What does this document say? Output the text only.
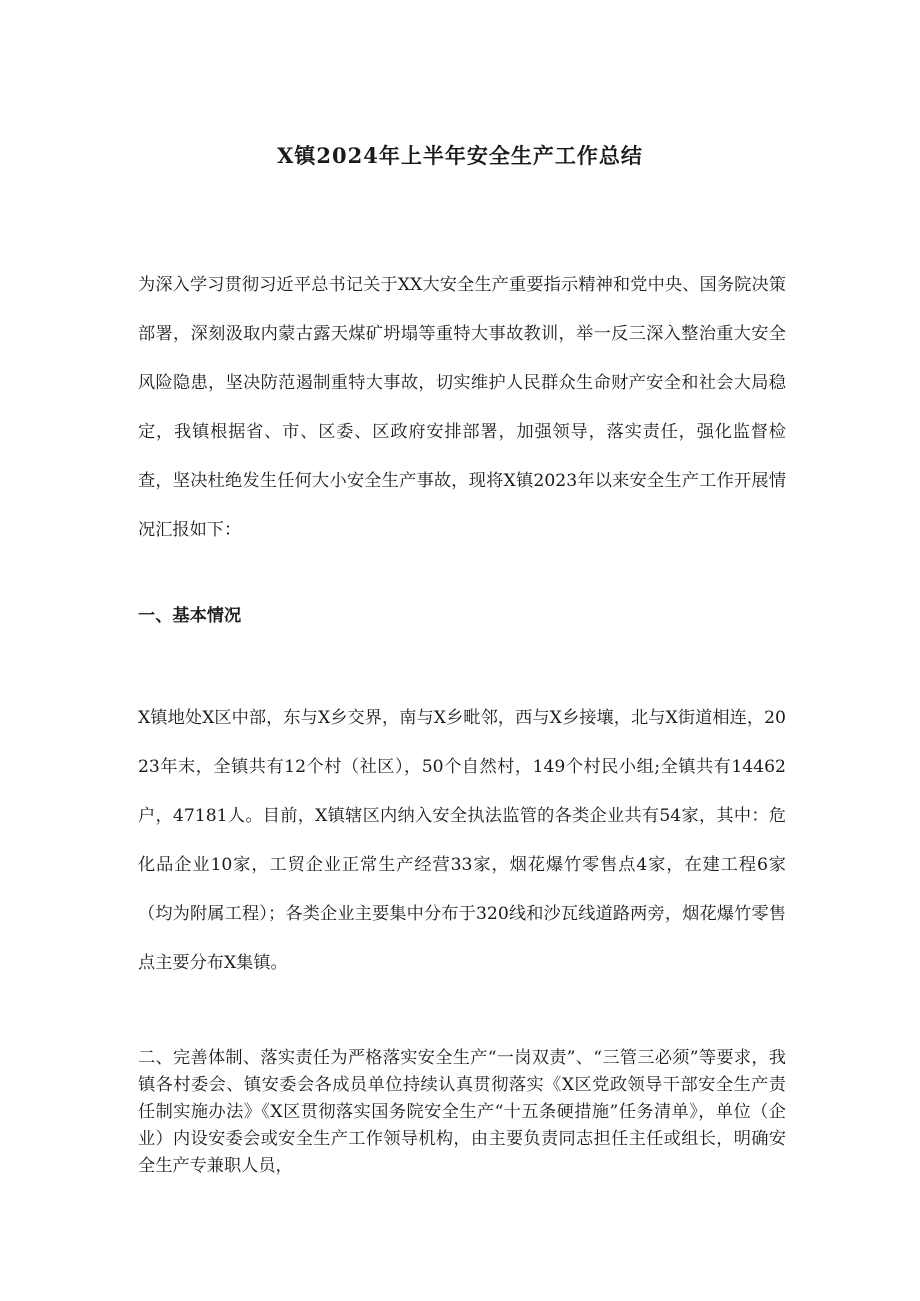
X镇2024年上半年安全生产工作总结

为深入学习贯彻习近平总书记关于XX大安全生产重要指示精神和党中央、国务院决策部署，深刻汲取内蒙古露天煤矿坍塌等重特大事故教训，举一反三深入整治重大安全风险隐患，坚决防范遏制重特大事故，切实维护人民群众生命财产安全和社会大局稳定，我镇根据省、市、区委、区政府安排部署，加强领导，落实责任，强化监督检查，坚决杜绝发生任何大小安全生产事故，现将X镇2023年以来安全生产工作开展情况汇报如下：

一、基本情况

X镇地处X区中部，东与X乡交界，南与X乡毗邻，西与X乡接壤，北与X街道相连，2023年末，全镇共有12个村（社区），50个自然村，149个村民小组;全镇共有14462户，47181人。目前，X镇辖区内纳入安全执法监管的各类企业共有54家，其中：危化品企业10家，工贸企业正常生产经营33家，烟花爆竹零售点4家，在建工程6家（均为附属工程）；各类企业主要集中分布于320线和沙瓦线道路两旁，烟花爆竹零售点主要分布X集镇。

二、完善体制、落实责任为严格落实安全生产“一岗双责”、“三管三必须”等要求，我镇各村委会、镇安委会各成员单位持续认真贯彻落实《X区党政领导干部安全生产责任制实施办法》《X区贯彻落实国务院安全生产“十五条硬措施”任务清单》，单位（企业）内设安委会或安全生产工作领导机构，由主要负责同志担任主任或组长，明确安全生产专兼职人员，
